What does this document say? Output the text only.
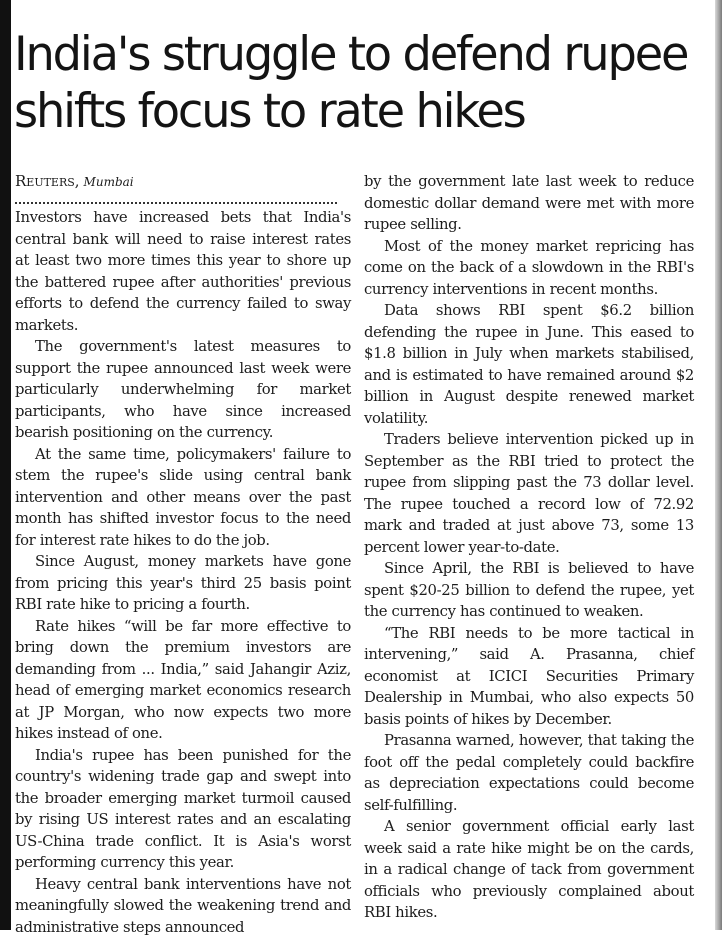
India's struggle to defend rupee shifts focus to rate hikes
Reuters, Mumbai

Investors have increased bets that India's central bank will need to raise interest rates at least two more times this year to shore up the battered rupee after authorities' previous efforts to defend the currency failed to sway markets.

The government's latest measures to support the rupee announced last week were particularly underwhelming for market participants, who have since increased bearish positioning on the currency.

At the same time, policymakers' failure to stem the rupee's slide using central bank intervention and other means over the past month has shifted investor focus to the need for interest rate hikes to do the job.

Since August, money markets have gone from pricing this year's third 25 basis point RBI rate hike to pricing a fourth.

Rate hikes “will be far more effective to bring down the premium investors are demanding from ... India,” said Jahangir Aziz, head of emerging market economics research at JP Morgan, who now expects two more hikes instead of one.

India's rupee has been punished for the country's widening trade gap and swept into the broader emerging market turmoil caused by rising US interest rates and an escalating US-China trade conflict. It is Asia's worst performing currency this year.

Heavy central bank interventions have not meaningfully slowed the weakening trend and administrative steps announced

by the government late last week to reduce domestic dollar demand were met with more rupee selling.

Most of the money market repricing has come on the back of a slowdown in the RBI's currency interventions in recent months.

Data shows RBI spent $6.2 billion defending the rupee in June. This eased to $1.8 billion in July when markets stabilised, and is estimated to have remained around $2 billion in August despite renewed market volatility.

Traders believe intervention picked up in September as the RBI tried to protect the rupee from slipping past the 73 dollar level. The rupee touched a record low of 72.92 mark and traded at just above 73, some 13 percent lower year-to-date.

Since April, the RBI is believed to have spent $20-25 billion to defend the rupee, yet the currency has continued to weaken.

“The RBI needs to be more tactical in intervening,” said A. Prasanna, chief economist at ICICI Securities Primary Dealership in Mumbai, who also expects 50 basis points of hikes by December.

Prasanna warned, however, that taking the foot off the pedal completely could backfire as depreciation expectations could become self-fulfilling.

A senior government official early last week said a rate hike might be on the cards, in a radical change of tack from government officials who previously complained about RBI hikes.
